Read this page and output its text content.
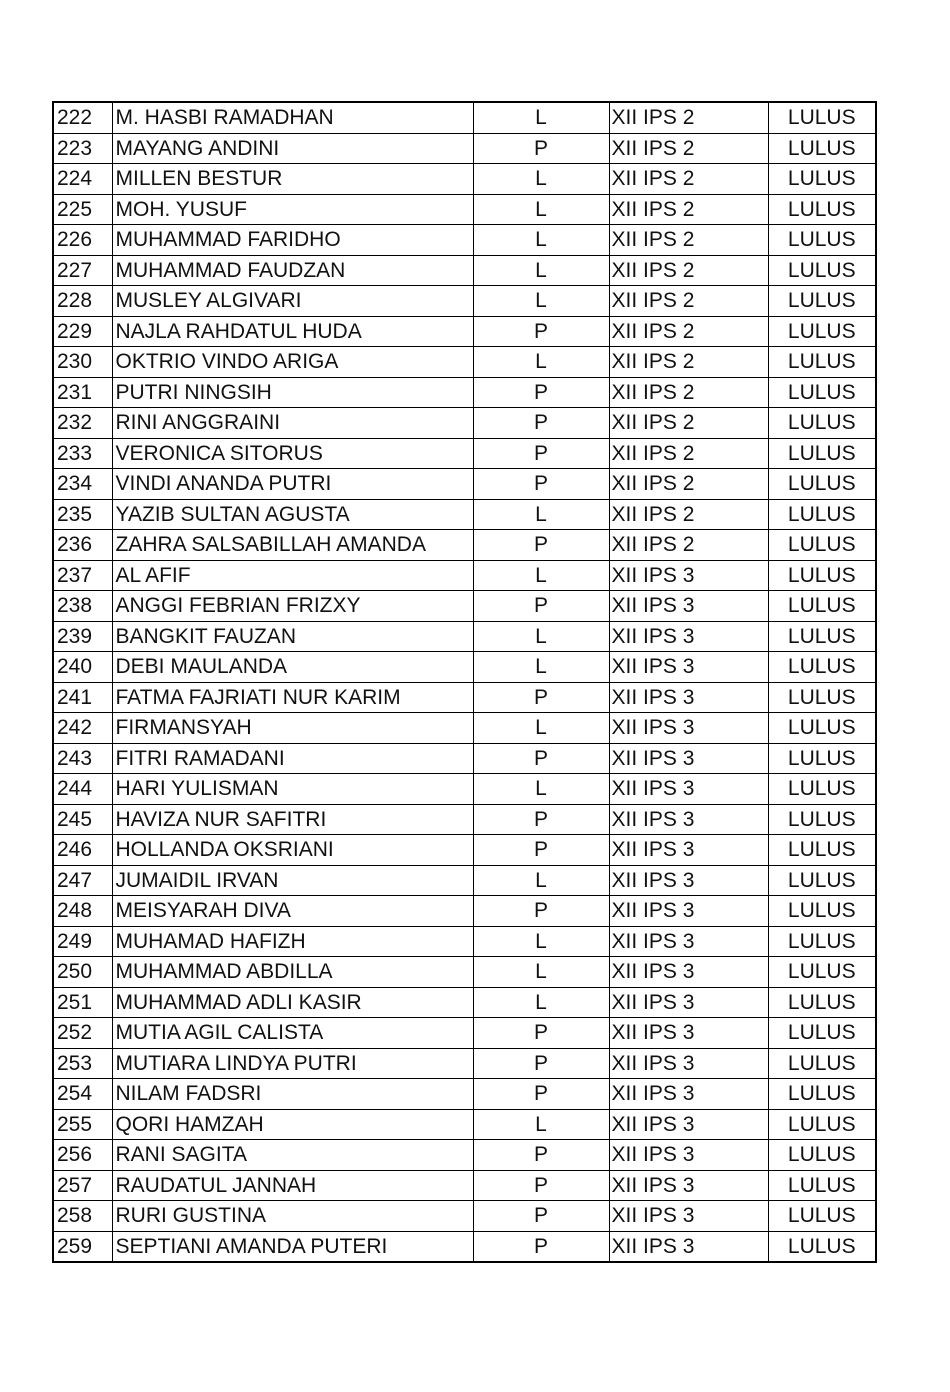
222	M. HASBI RAMADHAN	L	XII IPS 2	LULUS
223	MAYANG ANDINI	P	XII IPS 2	LULUS
224	MILLEN BESTUR	L	XII IPS 2	LULUS
225	MOH. YUSUF	L	XII IPS 2	LULUS
226	MUHAMMAD FARIDHO	L	XII IPS 2	LULUS
227	MUHAMMAD FAUDZAN	L	XII IPS 2	LULUS
228	MUSLEY ALGIVARI	L	XII IPS 2	LULUS
229	NAJLA RAHDATUL HUDA	P	XII IPS 2	LULUS
230	OKTRIO VINDO ARIGA	L	XII IPS 2	LULUS
231	PUTRI NINGSIH	P	XII IPS 2	LULUS
232	RINI ANGGRAINI	P	XII IPS 2	LULUS
233	VERONICA SITORUS	P	XII IPS 2	LULUS
234	VINDI ANANDA PUTRI	P	XII IPS 2	LULUS
235	YAZIB SULTAN AGUSTA	L	XII IPS 2	LULUS
236	ZAHRA SALSABILLAH AMANDA	P	XII IPS 2	LULUS
237	AL AFIF	L	XII IPS 3	LULUS
238	ANGGI FEBRIAN FRIZXY	P	XII IPS 3	LULUS
239	BANGKIT FAUZAN	L	XII IPS 3	LULUS
240	DEBI MAULANDA	L	XII IPS 3	LULUS
241	FATMA FAJRIATI NUR KARIM	P	XII IPS 3	LULUS
242	FIRMANSYAH	L	XII IPS 3	LULUS
243	FITRI RAMADANI	P	XII IPS 3	LULUS
244	HARI YULISMAN	L	XII IPS 3	LULUS
245	HAVIZA NUR SAFITRI	P	XII IPS 3	LULUS
246	HOLLANDA OKSRIANI	P	XII IPS 3	LULUS
247	JUMAIDIL IRVAN	L	XII IPS 3	LULUS
248	MEISYARAH DIVA	P	XII IPS 3	LULUS
249	MUHAMAD HAFIZH	L	XII IPS 3	LULUS
250	MUHAMMAD ABDILLA	L	XII IPS 3	LULUS
251	MUHAMMAD ADLI KASIR	L	XII IPS 3	LULUS
252	MUTIA AGIL CALISTA	P	XII IPS 3	LULUS
253	MUTIARA LINDYA PUTRI	P	XII IPS 3	LULUS
254	NILAM FADSRI	P	XII IPS 3	LULUS
255	QORI HAMZAH	L	XII IPS 3	LULUS
256	RANI SAGITA	P	XII IPS 3	LULUS
257	RAUDATUL JANNAH	P	XII IPS 3	LULUS
258	RURI GUSTINA	P	XII IPS 3	LULUS
259	SEPTIANI AMANDA PUTERI	P	XII IPS 3	LULUS
